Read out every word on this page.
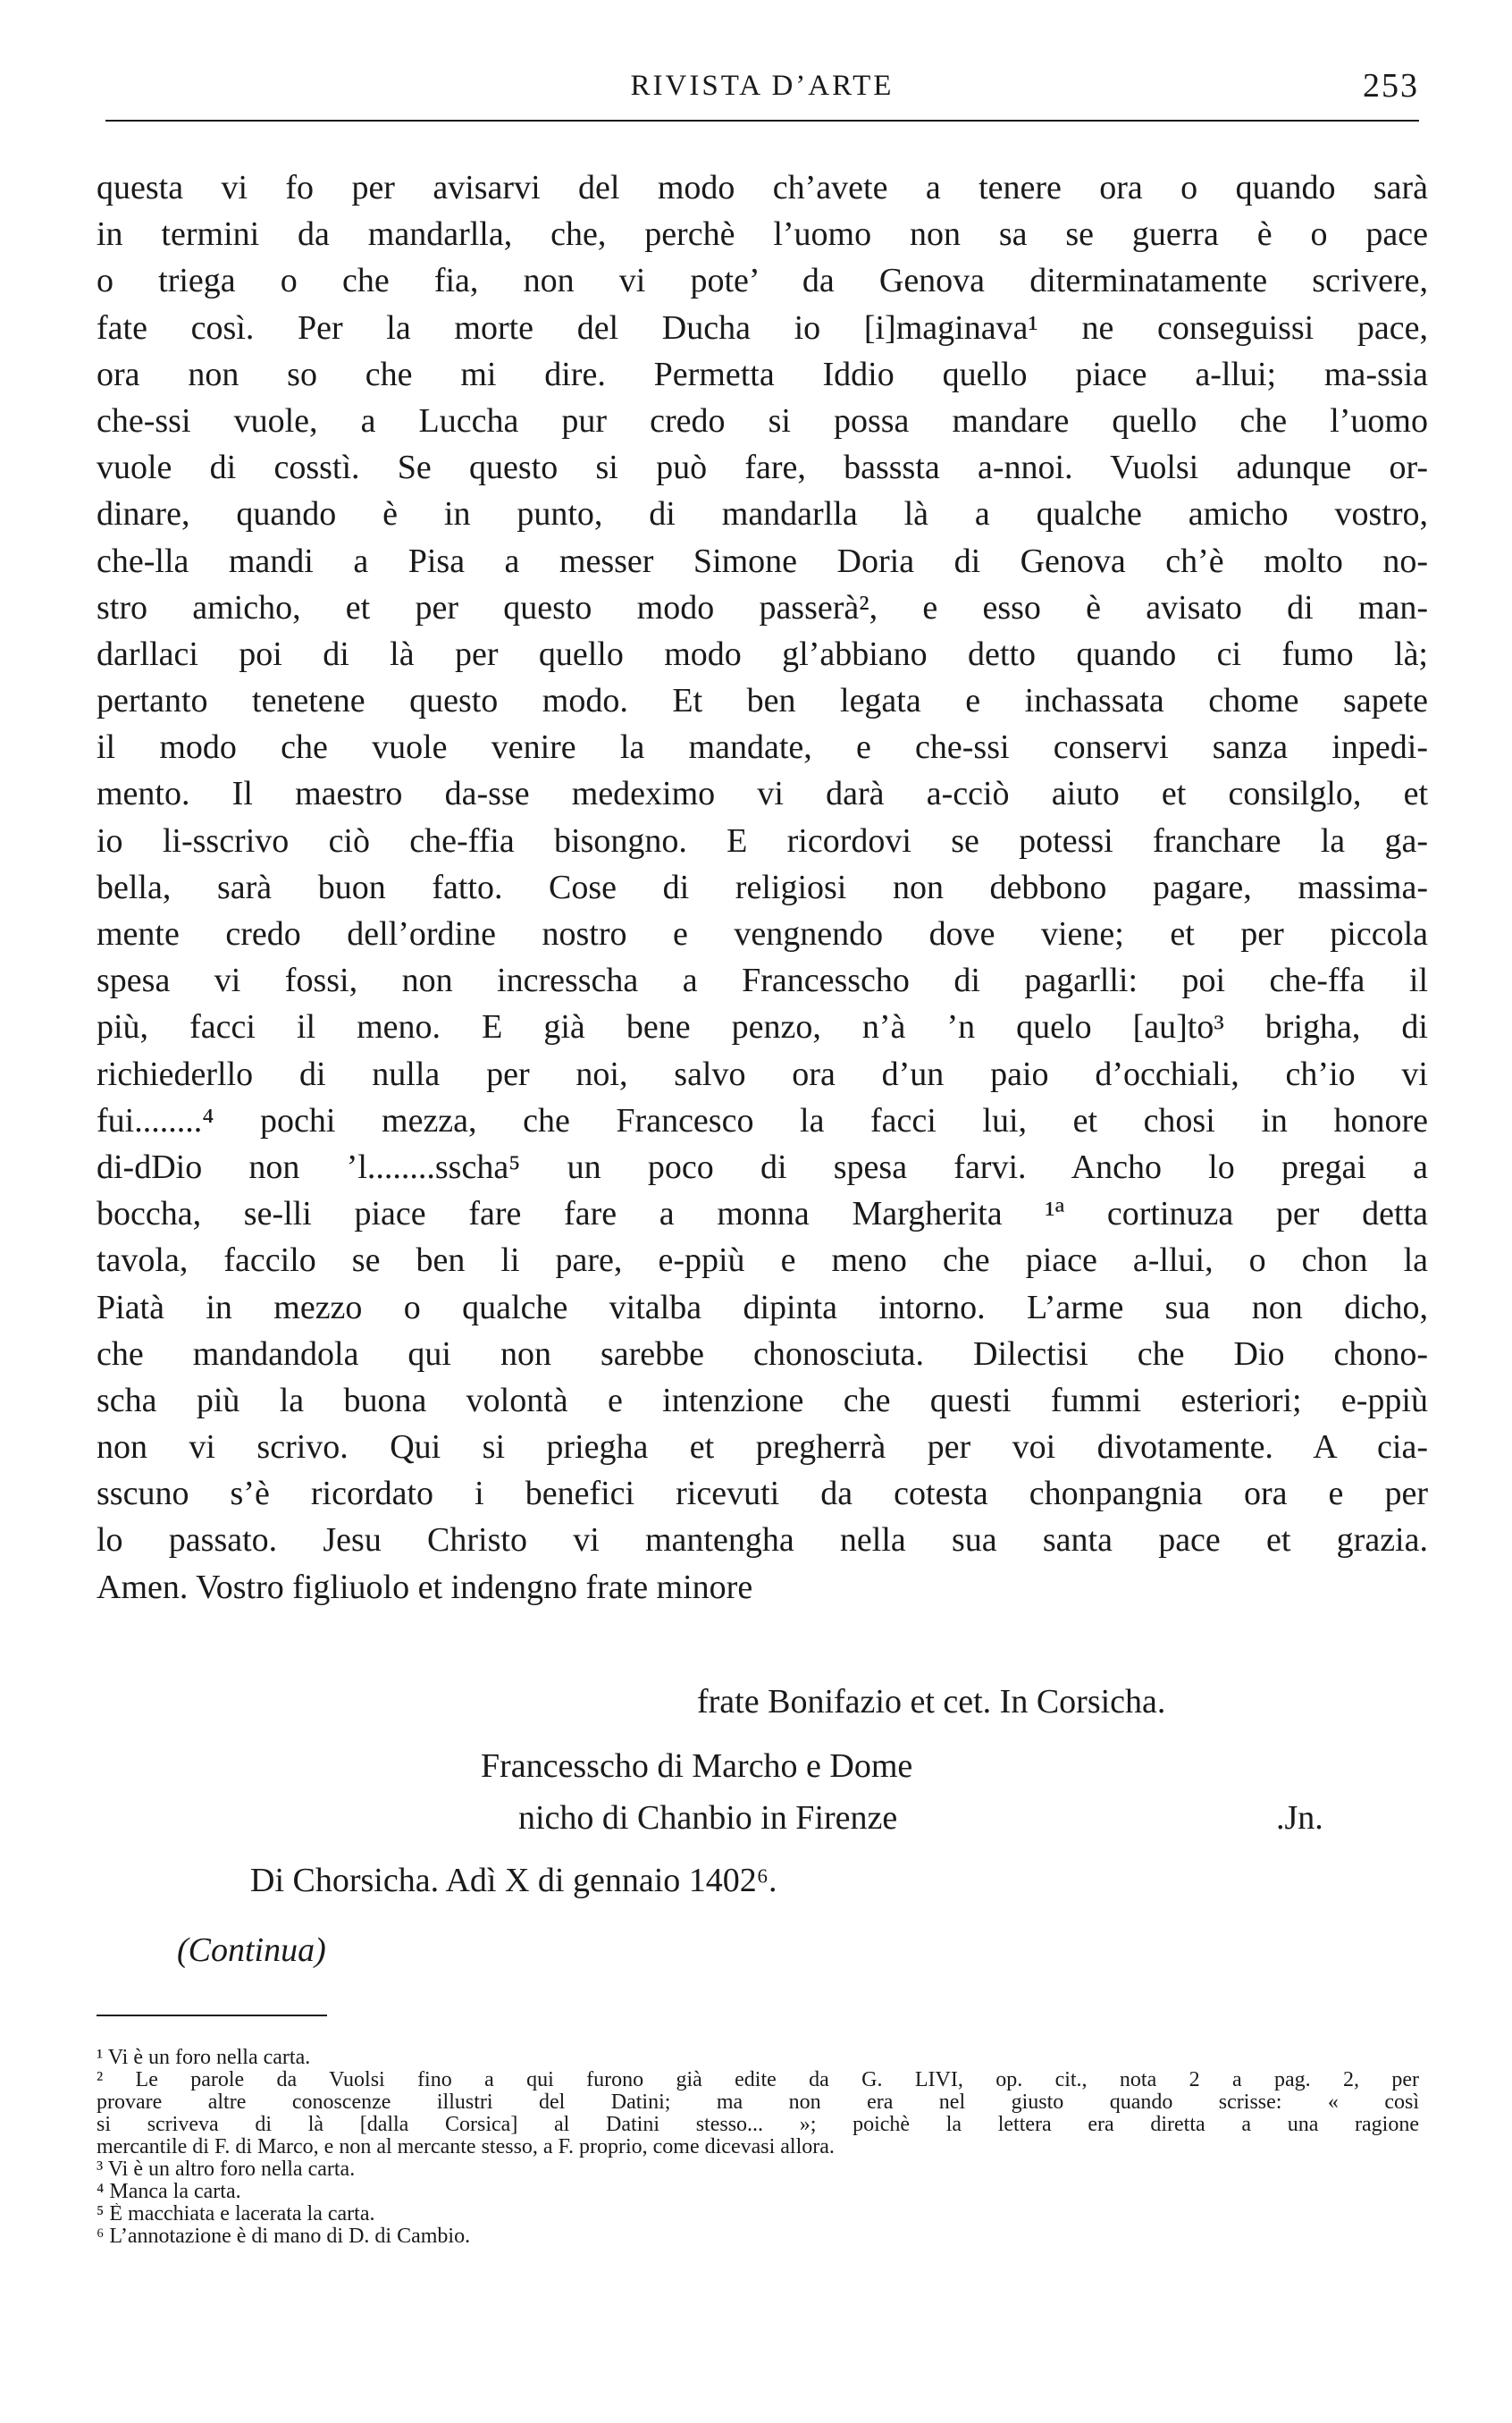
RIVISTA D’ARTE	253
questa vi fo per avisarvi del modo ch’avete a tenere ora o quando sarà
in termini da mandarlla, che, perchè l’uomo non sa se guerra è o pace
o triega o che fia, non vi pote’ da Genova diterminatamente scrivere,
fate così. Per la morte del Ducha io [i]maginava¹ ne conseguissi pace,
ora non so che mi dire. Permetta Iddio quello piace a-llui; ma-ssia
che-ssi vuole, a Luccha pur credo si possa mandare quello che l’uomo
vuole di cosstì. Se questo si può fare, basssta a-nnoi. Vuolsi adunque or-
dinare, quando è in punto, di mandarlla là a qualche amicho vostro,
che-lla mandi a Pisa a messer Simone Doria di Genova ch’è molto no-
stro amicho, et per questo modo passerà², e esso è avisato di man-
darllaci poi di là per quello modo gl’abbiano detto quando ci fumo là;
pertanto tenetene questo modo. Et ben legata e inchassata chome sapete
il modo che vuole venire la mandate, e che-ssi conservi sanza inpedi-
mento. Il maestro da-sse medeximo vi darà a-cciò aiuto et consilglo, et
io li-sscrivo ciò che-ffia bisongno. E ricordovi se potessi franchare la ga-
bella, sarà buon fatto. Cose di religiosi non debbono pagare, massima-
mente credo dell’ordine nostro e vengnendo dove viene; et per piccola
spesa vi fossi, non incresscha a Francesscho di pagarlli: poi che-ffa il
più, facci il meno. E già bene penzo, n’à ’n quelo [au]to³ brigha, di
richiederllo di nulla per noi, salvo ora d’un paio d’occhiali, ch’io vi
fui........⁴ pochi mezza, che Francesco la facci lui, et chosi in honore
di-dDio non ’l........sscha⁵ un poco di spesa farvi. Ancho lo pregai a
boccha, se-lli piace fare fare a monna Margherita ¹ª cortinuza per detta
tavola, faccilo se ben li pare, e-ppiù e meno che piace a-llui, o chon la
Piatà in mezzo o qualche vitalba dipinta intorno. L’arme sua non dicho,
che mandandola qui non sarebbe chonosciuta. Dilectisi che Dio chono-
scha più la buona volontà e intenzione che questi fummi esteriori; e-ppiù
non vi scrivo. Qui si priegha et pregherrà per voi divotamente. A cia-
sscuno s’è ricordato i benefici ricevuti da cotesta chonpangnia ora e per
lo passato. Jesu Christo vi mantengha nella sua santa pace et grazia.
Amen. Vostro figliuolo et indengno frate minore
frate Bonifazio et cet. In Corsicha.
Francesscho di Marcho e Dome
nicho di Chanbio in Firenze	.Jn.
Di Chorsicha. Adì X di gennaio 1402⁶.
(Continua)
¹ Vi è un foro nella carta.
² Le parole da Vuolsi fino a qui furono già edite da G. LIVI, op. cit., nota 2 a pag. 2, per
provare altre conoscenze illustri del Datini; ma non era nel giusto quando scrisse: « così
si scriveva di là [dalla Corsica] al Datini stesso... »; poichè la lettera era diretta a una ragione
mercantile di F. di Marco, e non al mercante stesso, a F. proprio, come dicevasi allora.
³ Vi è un altro foro nella carta.
⁴ Manca la carta.
⁵ È macchiata e lacerata la carta.
⁶ L’annotazione è di mano di D. di Cambio.
